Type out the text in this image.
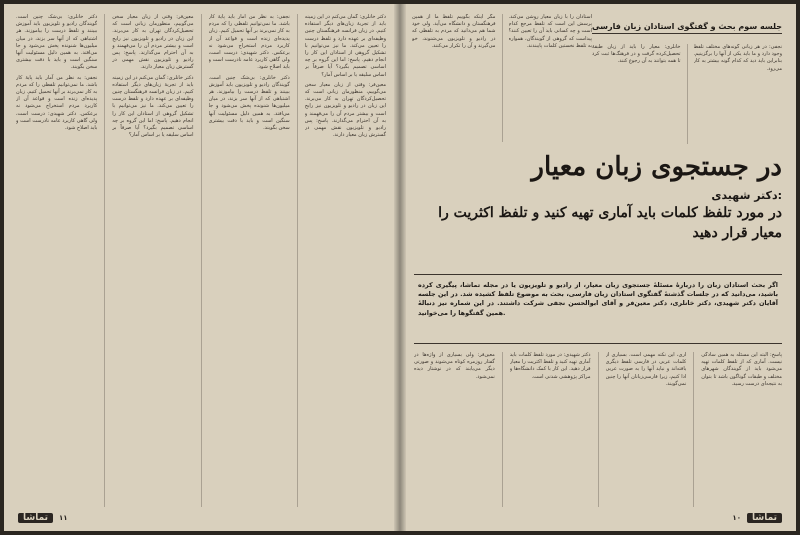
دکتر خانلری: گمان می‌کنم در این زمینه باید از تجربهٔ زبان‌های دیگر استفاده کنیم. در زبان فرانسه فرهنگستان چنین وظیفه‌ای بر عهده دارد و تلفظ درست را تعیین می‌کند. ما نیز می‌توانیم با تشکیل گروهی از استادان این کار را انجام دهیم. پاسخ: اما این گروه بر چه اساسی تصمیم بگیرد؟ آیا صرفاً بر اساس سلیقه یا بر اساس آمار؟

معین‌فر: وقتی از زبان معیار سخن می‌گوییم، منظورمان زبانی است که تحصیل‌کردگان تهران به کار می‌برند. این زبان در رادیو و تلویزیون نیز رایج است و بیشتر مردم آن را می‌فهمند و به آن احترام می‌گذارند. پاسخ: پس رادیو و تلویزیون نقش مهمی در گسترش زبان معیار دارند.

نجفی: به نظر من آمار باید پایهٔ کار باشد. ما نمی‌توانیم تلفظی را که مردم به کار نمی‌برند بر آنها تحمیل کنیم. زبان پدیده‌ای زنده است و قواعد آن از کاربرد مردم استخراج می‌شود نه برعکس. دکتر شهیدی: درست است، ولی گاهی کاربرد عامه نادرست است و باید اصلاح شود.

دکتر خانلری: بی‌شک چنین است. گویندگان رادیو و تلویزیون باید آموزش ببینند و تلفظ درست را بیاموزند. هر اشتباهی که از آنها سر بزند، در میان میلیون‌ها شنونده پخش می‌شود و جا می‌افتد. به همین دلیل مسئولیت آنها سنگین است و باید با دقت بیشتری سخن بگویند.

معین‌فر: وقتی از زبان معیار سخن می‌گوییم، منظورمان زبانی است که تحصیل‌کردگان تهران به کار می‌برند. این زبان در رادیو و تلویزیون نیز رایج است و بیشتر مردم آن را می‌فهمند و به آن احترام می‌گذارند. پاسخ: پس رادیو و تلویزیون نقش مهمی در گسترش زبان معیار دارند.

دکتر خانلری: گمان می‌کنم در این زمینه باید از تجربهٔ زبان‌های دیگر استفاده کنیم. در زبان فرانسه فرهنگستان چنین وظیفه‌ای بر عهده دارد و تلفظ درست را تعیین می‌کند. ما نیز می‌توانیم با تشکیل گروهی از استادان این کار را انجام دهیم. پاسخ: اما این گروه بر چه اساسی تصمیم بگیرد؟ آیا صرفاً بر اساس سلیقه یا بر اساس آمار؟

دکتر خانلری: بی‌شک چنین است. گویندگان رادیو و تلویزیون باید آموزش ببینند و تلفظ درست را بیاموزند. هر اشتباهی که از آنها سر بزند، در میان میلیون‌ها شنونده پخش می‌شود و جا می‌افتد. به همین دلیل مسئولیت آنها سنگین است و باید با دقت بیشتری سخن بگویند.

نجفی: به نظر من آمار باید پایهٔ کار باشد. ما نمی‌توانیم تلفظی را که مردم به کار نمی‌برند بر آنها تحمیل کنیم. زبان پدیده‌ای زنده است و قواعد آن از کاربرد مردم استخراج می‌شود نه برعکس. دکتر شهیدی: درست است، ولی گاهی کاربرد عامه نادرست است و باید اصلاح شود.

تماشا	۱۱

استادان را با زبان معیار روشن می‌کند. پرسش این است که تلفظ مرجع کدام است و چه کسانی باید آن را تعیین کنند؟ پیداست که گروهی از گویندگان، همواره به تلفظ نخستین کلمات پایبندند.

مگر اینکه بگوییم تلفظ ما از همین فرهنگستان و دانشگاه می‌آید. ولی خود شما هم می‌دانید که مردم به تلفظی که در رادیو و تلویزیون می‌شنوند، خو می‌گیرند و آن را تکرار می‌کنند.

جلسه سوم بحث و گفتگوی استادان زبان فارسی

نجفی: در هر زبانی گونه‌های مختلف تلفظ وجود دارد و ما باید یکی از آنها را برگزینیم. بنابراین باید دید که کدام گونه بیشتر به کار می‌رود.

خانلری: معیار را باید از زبان طبقهٔ تحصیل‌کرده گرفت و در فرهنگ‌ها ثبت کرد تا همه بتوانند به آن رجوع کنند.

در جستجوی زبان معیار
دکتر شهیدی:
در مورد تلفظ کلمات باید آماری تهیه کنید و تلفظ اکثریت را معیار قرار دهید

اگر بحث استادان زبان را دربارهٔ مسئلهٔ جستجوی زبان معیار، از رادیو و تلویزیون یا در مجله تماشا، پیگیری کرده باشید، می‌دانید که در جلسات گذشتهٔ گفتگوی استادان زبان فارسی، بحث به موضوع تلفظ کشیده شد. در این جلسه آقایان دکتر شهیدی، دکتر خانلری، دکتر معین‌فر و آقای ابوالحسن نجفی شرکت داشتند. در این شماره نیز دنبالهٔ همین گفتگوها را می‌خوانید.

پاسخ: البته این مسئله به همین سادگی نیست. آماری که از تلفظ کلمات تهیه می‌شود باید از گویندگان شهرهای مختلف و طبقات گوناگون باشد تا بتوان به نتیجه‌ای درست رسید.

آری، این نکته مهمی است. بسیاری از کلمات عربی در فارسی تلفظ دیگری یافته‌اند و نباید آنها را به صورت عربی ادا کنیم، زیرا فارسی‌زبانان آنها را چنین نمی‌گویند.

دکتر شهیدی: در مورد تلفظ کلمات باید آماری تهیه کنید و تلفظ اکثریت را معیار قرار دهید. این کار با کمک دانشگاه‌ها و مراکز پژوهشی شدنی است.

معین‌فر: ولی بسیاری از واژه‌ها در گفتار روزمره کوتاه می‌شوند و صورتی دیگر می‌یابند که در نوشتار دیده نمی‌شود.

۱۰	تماشا
